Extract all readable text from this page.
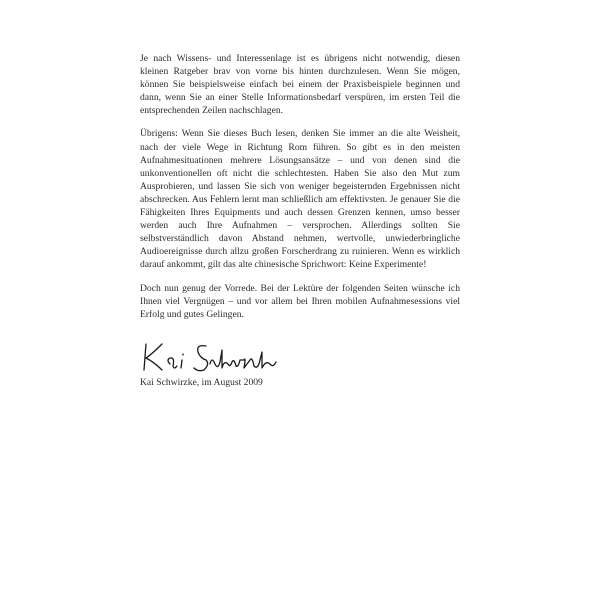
Je nach Wissens- und Interessenlage ist es übrigens nicht notwendig, diesen kleinen Ratgeber brav von vorne bis hinten durchzulesen. Wenn Sie mögen, können Sie beispielsweise einfach bei einem der Praxisbeispiele beginnen und dann, wenn Sie an einer Stelle Informationsbedarf verspüren, im ersten Teil die entsprechenden Zeilen nachschlagen.

Übrigens: Wenn Sie dieses Buch lesen, denken Sie immer an die alte Weisheit, nach der viele Wege in Richtung Rom führen. So gibt es in den meisten Aufnahmesituationen mehrere Lösungsansätze – und von denen sind die unkonventionellen oft nicht die schlechtesten. Haben Sie also den Mut zum Ausprobieren, und lassen Sie sich von weniger begeisternden Ergebnissen nicht abschrecken. Aus Fehlern lernt man schließlich am effektivsten. Je genauer Sie die Fähigkeiten Ihres Equipments und auch dessen Grenzen kennen, umso besser werden auch Ihre Aufnahmen – versprochen. Allerdings sollten Sie selbstverständlich davon Abstand nehmen, wertvolle, unwiederbringliche Audioereignisse durch allzu großen Forscherdrang zu ruinieren. Wenn es wirklich darauf ankommt, gilt das alte chinesische Sprichwort: Keine Experimente!

Doch nun genug der Vorrede. Bei der Lektüre der folgenden Seiten wünsche ich Ihnen viel Vergnügen – und vor allem bei Ihren mobilen Aufnahmesessions viel Erfolg und gutes Gelingen.

Kai Schwirzke, im August 2009
